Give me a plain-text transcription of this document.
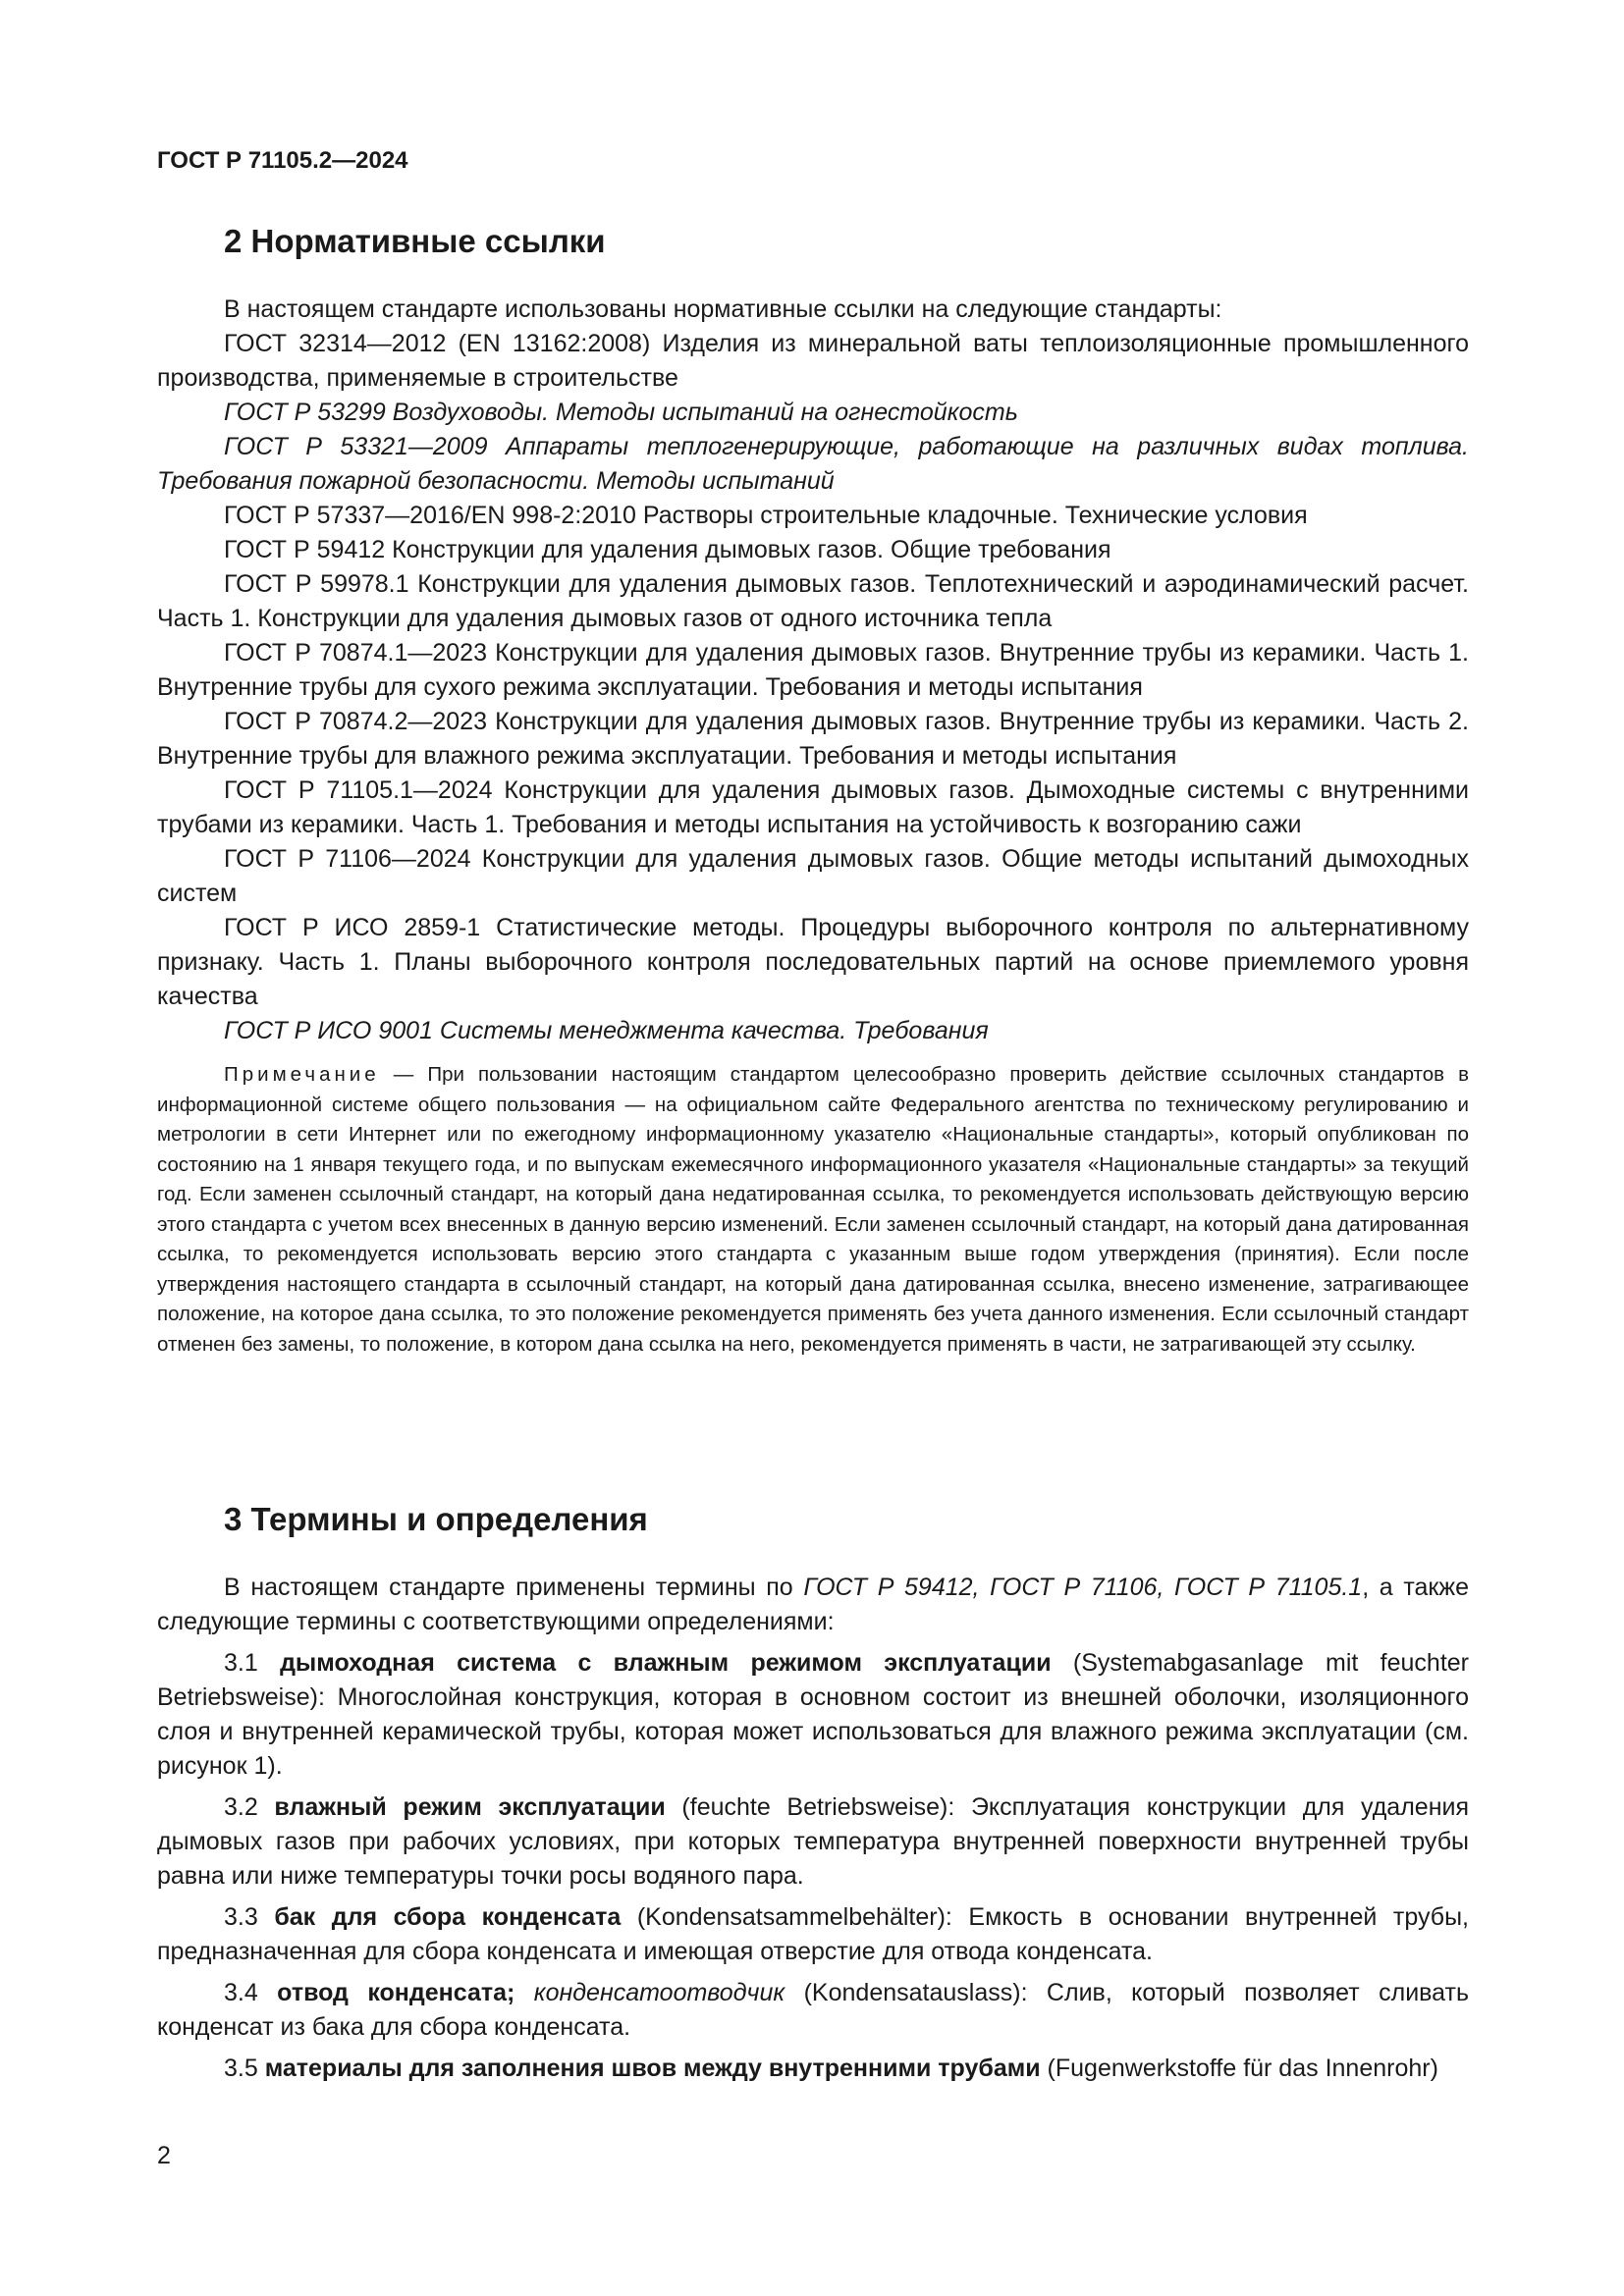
ГОСТ Р 71105.2—2024

2 Нормативные ссылки

В настоящем стандарте использованы нормативные ссылки на следующие стандарты:

ГОСТ 32314—2012 (EN 13162:2008) Изделия из минеральной ваты теплоизоляционные промышленного производства, применяемые в строительстве

ГОСТ Р 53299 Воздуховоды. Методы испытаний на огнестойкость

ГОСТ Р 53321—2009 Аппараты теплогенерирующие, работающие на различных видах топлива. Требования пожарной безопасности. Методы испытаний

ГОСТ Р 57337—2016/EN 998-2:2010 Растворы строительные кладочные. Технические условия

ГОСТ Р 59412 Конструкции для удаления дымовых газов. Общие требования

ГОСТ Р 59978.1 Конструкции для удаления дымовых газов. Теплотехнический и аэродинамический расчет. Часть 1. Конструкции для удаления дымовых газов от одного источника тепла

ГОСТ Р 70874.1—2023 Конструкции для удаления дымовых газов. Внутренние трубы из керамики. Часть 1. Внутренние трубы для сухого режима эксплуатации. Требования и методы испытания

ГОСТ Р 70874.2—2023 Конструкции для удаления дымовых газов. Внутренние трубы из керамики. Часть 2. Внутренние трубы для влажного режима эксплуатации. Требования и методы испытания

ГОСТ Р 71105.1—2024 Конструкции для удаления дымовых газов. Дымоходные системы с внутренними трубами из керамики. Часть 1. Требования и методы испытания на устойчивость к возгоранию сажи

ГОСТ Р 71106—2024 Конструкции для удаления дымовых газов. Общие методы испытаний дымоходных систем

ГОСТ Р ИСО 2859-1 Статистические методы. Процедуры выборочного контроля по альтернативному признаку. Часть 1. Планы выборочного контроля последовательных партий на основе приемлемого уровня качества

ГОСТ Р ИСО 9001 Системы менеджмента качества. Требования

Примечание — При пользовании настоящим стандартом целесообразно проверить действие ссылочных стандартов в информационной системе общего пользования — на официальном сайте Федерального агентства по техническому регулированию и метрологии в сети Интернет или по ежегодному информационному указателю «Национальные стандарты», который опубликован по состоянию на 1 января текущего года, и по выпускам ежемесячного информационного указателя «Национальные стандарты» за текущий год. Если заменен ссылочный стандарт, на который дана недатированная ссылка, то рекомендуется использовать действующую версию этого стандарта с учетом всех внесенных в данную версию изменений. Если заменен ссылочный стандарт, на который дана датированная ссылка, то рекомендуется использовать версию этого стандарта с указанным выше годом утверждения (принятия). Если после утверждения настоящего стандарта в ссылочный стандарт, на который дана датированная ссылка, внесено изменение, затрагивающее положение, на которое дана ссылка, то это положение рекомендуется применять без учета данного изменения. Если ссылочный стандарт отменен без замены, то положение, в котором дана ссылка на него, рекомендуется применять в части, не затрагивающей эту ссылку.

3 Термины и определения

В настоящем стандарте применены термины по ГОСТ Р 59412, ГОСТ Р 71106, ГОСТ Р 71105.1, а также следующие термины с соответствующими определениями:

3.1 дымоходная система с влажным режимом эксплуатации (Systemabgasanlage mit feuchter Betriebsweise): Многослойная конструкция, которая в основном состоит из внешней оболочки, изоляционного слоя и внутренней керамической трубы, которая может использоваться для влажного режима эксплуатации (см. рисунок 1).

3.2 влажный режим эксплуатации (feuchte Betriebsweise): Эксплуатация конструкции для удаления дымовых газов при рабочих условиях, при которых температура внутренней поверхности внутренней трубы равна или ниже температуры точки росы водяного пара.

3.3 бак для сбора конденсата (Kondensatsammelbehälter): Емкость в основании внутренней трубы, предназначенная для сбора конденсата и имеющая отверстие для отвода конденсата.

3.4 отвод конденсата; конденсатоотводчик (Kondensatauslass): Слив, который позволяет сливать конденсат из бака для сбора конденсата.

3.5 материалы для заполнения швов между внутренними трубами (Fugenwerkstoffe für das Innenrohr)

2
